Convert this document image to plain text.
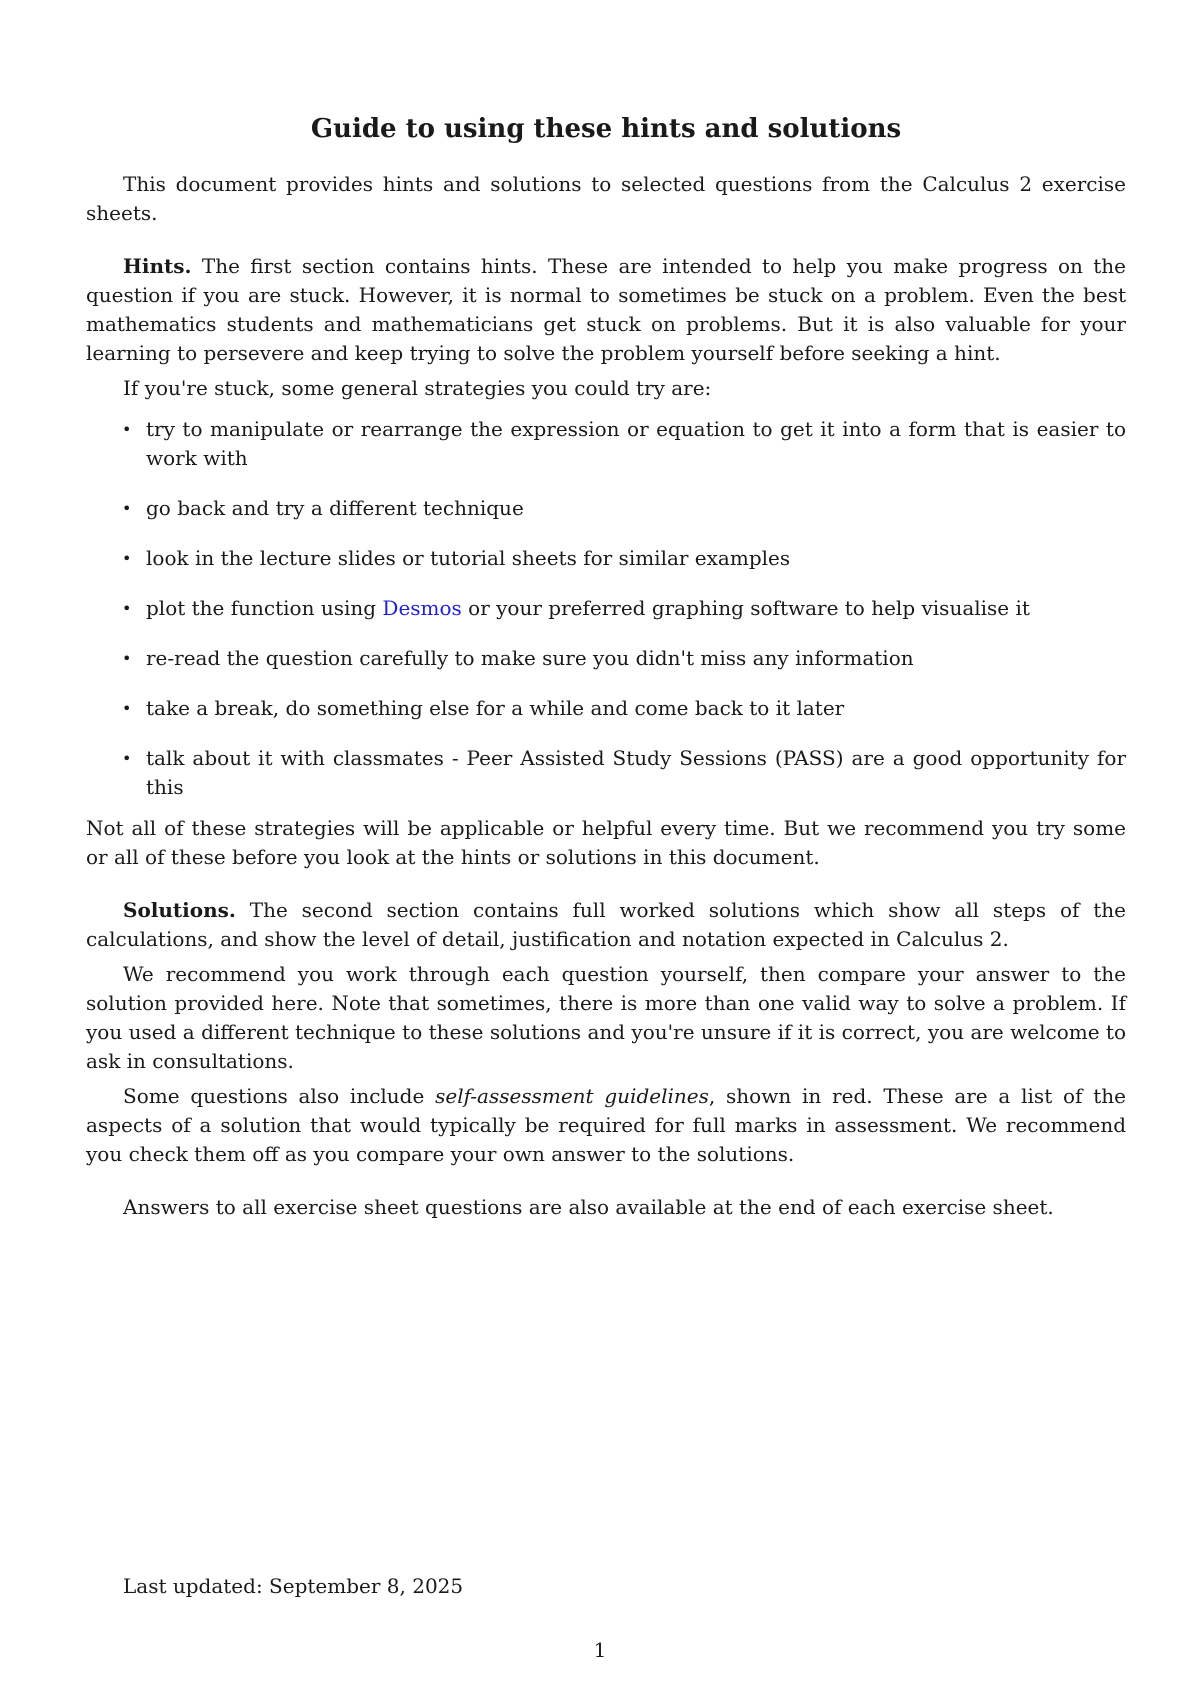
Guide to using these hints and solutions

This document provides hints and solutions to selected questions from the Calculus 2 exercise sheets.

Hints. The first section contains hints. These are intended to help you make progress on the question if you are stuck. However, it is normal to sometimes be stuck on a problem. Even the best mathematics students and mathematicians get stuck on problems. But it is also valuable for your learning to persevere and keep trying to solve the problem yourself before seeking a hint.

If you're stuck, some general strategies you could try are:

• try to manipulate or rearrange the expression or equation to get it into a form that is easier to work with
• go back and try a different technique
• look in the lecture slides or tutorial sheets for similar examples
• plot the function using Desmos or your preferred graphing software to help visualise it
• re-read the question carefully to make sure you didn't miss any information
• take a break, do something else for a while and come back to it later
• talk about it with classmates - Peer Assisted Study Sessions (PASS) are a good opportunity for this

Not all of these strategies will be applicable or helpful every time. But we recommend you try some or all of these before you look at the hints or solutions in this document.

Solutions. The second section contains full worked solutions which show all steps of the calculations, and show the level of detail, justification and notation expected in Calculus 2.

We recommend you work through each question yourself, then compare your answer to the solution provided here. Note that sometimes, there is more than one valid way to solve a problem. If you used a different technique to these solutions and you're unsure if it is correct, you are welcome to ask in consultations.

Some questions also include self-assessment guidelines, shown in red. These are a list of the aspects of a solution that would typically be required for full marks in assessment. We recommend you check them off as you compare your own answer to the solutions.

Answers to all exercise sheet questions are also available at the end of each exercise sheet.

Last updated: September 8, 2025
1
